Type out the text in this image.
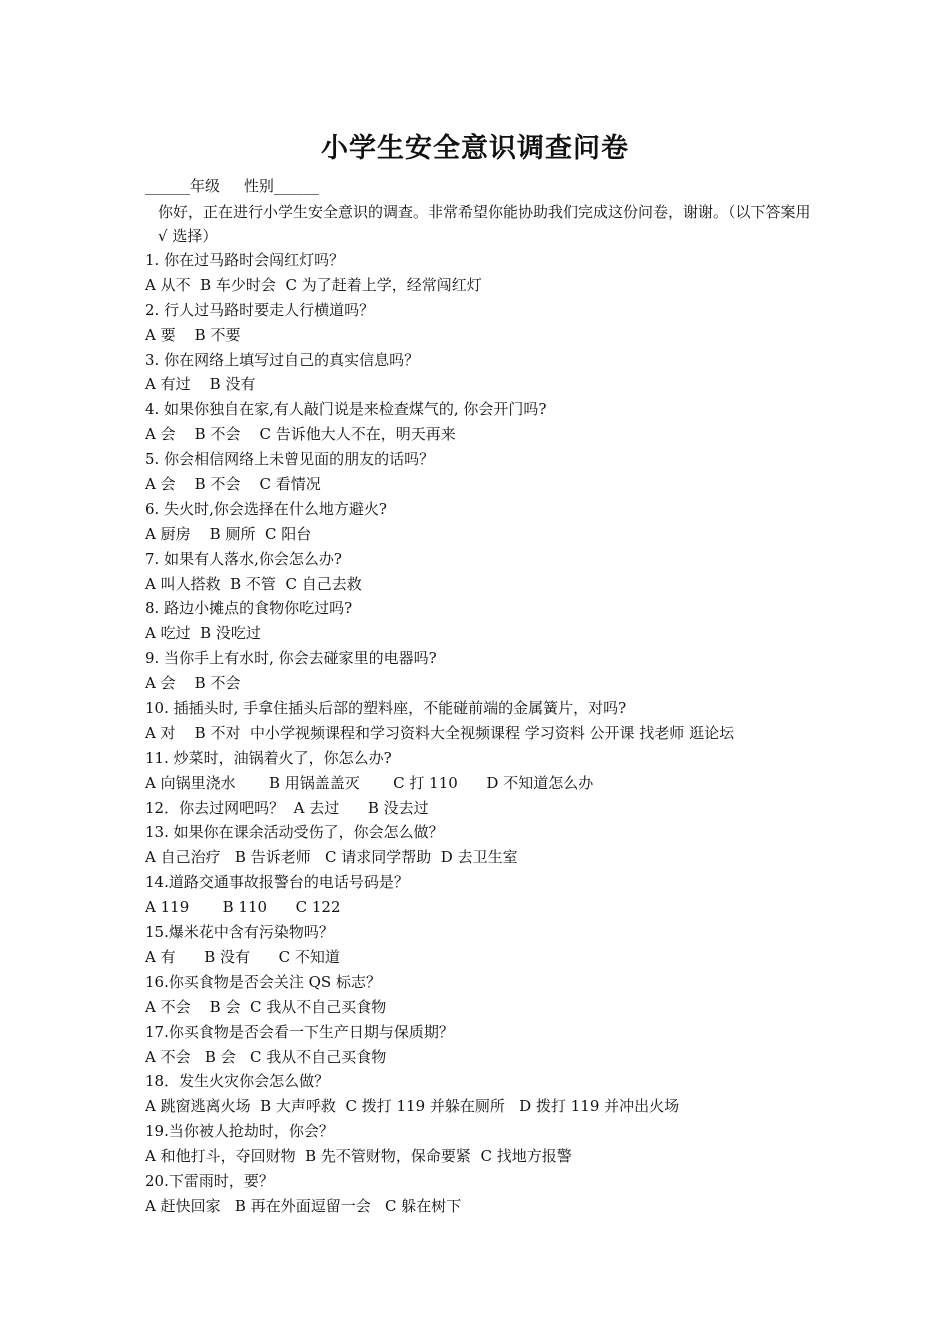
小学生安全意识调查问卷
______年级     性别______
你好，正在进行小学生安全意识的调查。非常希望你能协助我们完成这份问卷，谢谢。（以下答案用 √ 选择）
1. 你在过马路时会闯红灯吗？
A 从不  B 车少时会  C 为了赶着上学，经常闯红灯
2. 行人过马路时要走人行横道吗？
A 要    B 不要
3. 你在网络上填写过自己的真实信息吗？
A 有过    B 没有
4. 如果你独自在家,有人敲门说是来检查煤气的, 你会开门吗?
A 会    B 不会    C 告诉他大人不在，明天再来
5. 你会相信网络上未曾见面的朋友的话吗？
A 会    B 不会    C 看情况
6. 失火时,你会选择在什么地方避火?
A 厨房    B 厕所  C 阳台
7. 如果有人落水,你会怎么办?
A 叫人搭救  B 不管  C 自己去救
8. 路边小摊点的食物你吃过吗?
A 吃过  B 没吃过
9. 当你手上有水时, 你会去碰家里的电器吗?
A 会    B 不会
10. 插插头时, 手拿住插头后部的塑料座，不能碰前端的金属簧片，对吗?
A 对    B 不对  中小学视频课程和学习资料大全视频课程 学习资料 公开课 找老师 逛论坛
11. 炒菜时，油锅着火了，你怎么办?
A 向锅里浇水       B 用锅盖盖灭       C 打 110      D 不知道怎么办
12．你去过网吧吗？  A 去过      B 没去过
13. 如果你在课余活动受伤了，你会怎么做？
A 自己治疗   B 告诉老师   C 请求同学帮助  D 去卫生室
14.道路交通事故报警台的电话号码是？
A 119       B 110      C 122
15.爆米花中含有污染物吗？
A 有      B 没有      C 不知道
16.你买食物是否会关注 QS 标志？
A 不会    B 会  C 我从不自己买食物
17.你买食物是否会看一下生产日期与保质期？
A 不会   B 会   C 我从不自己买食物
18．发生火灾你会怎么做？
A 跳窗逃离火场  B 大声呼救  C 拨打 119 并躲在厕所   D 拨打 119 并冲出火场
19.当你被人抢劫时，你会？
A 和他打斗，夺回财物  B 先不管财物，保命要紧  C 找地方报警
20.下雷雨时，要？
A 赶快回家   B 再在外面逗留一会   C 躲在树下
